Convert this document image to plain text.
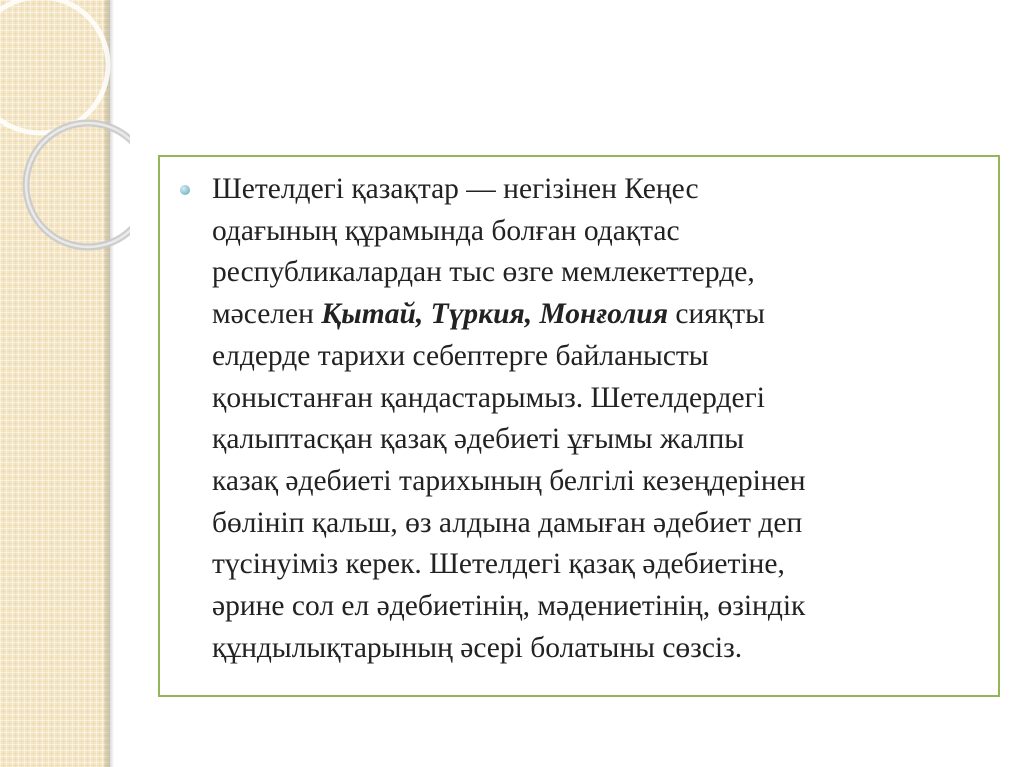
Шетелдегі қазақтар — негізінен Кеңес
одағының құрамында болған одақтас
республикалардан тыс өзге мемлекеттерде,
мәселен Қытай, Түркия, Монғолия сияқты
елдерде тарихи себептерге байланысты
қоныстанған қандастарымыз. Шетелдердегі
қалыптасқан қазақ әдебиеті ұғымы жалпы
казақ әдебиеті тарихының белгілі кезеңдерінен
бөлініп қальш, өз алдына дамыған әдебиет деп
түсінуіміз керек. Шетелдегі қазақ әдебиетіне,
әрине сол ел әдебиетінің, мәдениетінің, өзіндік
құндылықтарының әсері болатыны сөзсіз.
